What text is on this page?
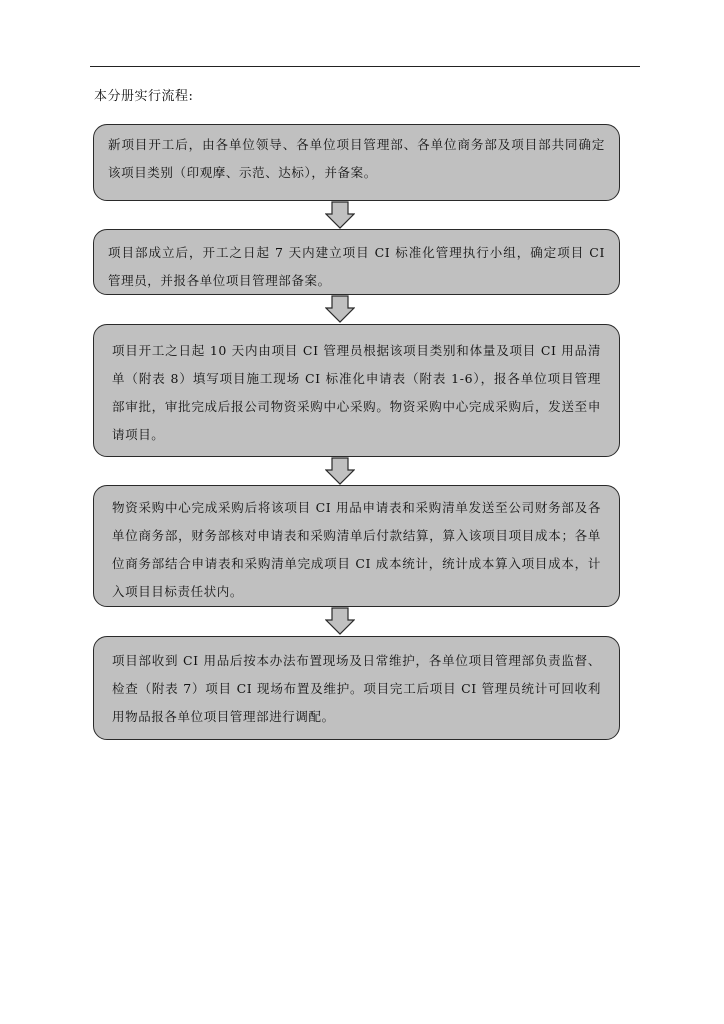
本分册实行流程:
新项目开工后，由各单位领导、各单位项目管理部、各单位商务部及项目部共同确定该项目类别（印观摩、示范、达标），并备案。
项目部成立后，开工之日起 7 天内建立项目 CI 标准化管理执行小组，确定项目 CI 管理员，并报各单位项目管理部备案。
项目开工之日起 10 天内由项目 CI 管理员根据该项目类别和体量及项目 CI 用品清单（附表 8）填写项目施工现场 CI 标准化申请表（附表 1-6），报各单位项目管理部审批，审批完成后报公司物资采购中心采购。物资采购中心完成采购后，发送至申请项目。
物资采购中心完成采购后将该项目 CI 用品申请表和采购清单发送至公司财务部及各单位商务部，财务部核对申请表和采购清单后付款结算，算入该项目项目成本；各单位商务部结合申请表和采购清单完成项目 CI 成本统计，统计成本算入项目成本，计入项目目标责任状内。
项目部收到 CI 用品后按本办法布置现场及日常维护，各单位项目管理部负责监督、检查（附表 7）项目 CI 现场布置及维护。项目完工后项目 CI 管理员统计可回收利用物品报各单位项目管理部进行调配。
